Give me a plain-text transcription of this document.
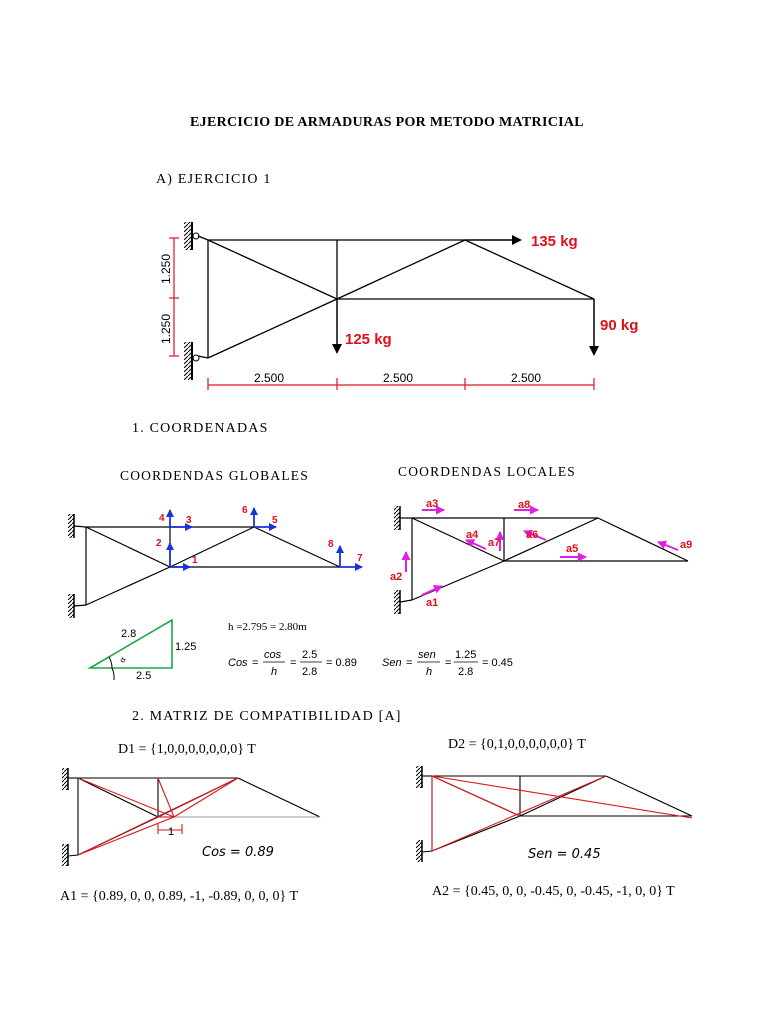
EJERCICIO DE ARMADURAS POR METODO MATRICIAL
A) EJERCICIO 1
135 kg
125 kg
90 kg
1.250
1.250
2.500	2.500	2.500
1. COORDENADAS
COORDENDAS GLOBALES	COORDENDAS LOCALES
1
2
3
4	5
6
7
8
a1
a2
a3
a4
a5
a6
a7
a8
a9
α
2.8
1.25
2.5
h =2.795 = 2.80m
Cos =
cos
h
=
2.5
2.8
= 0.89 Sen =
sen
h
=
1.25
2.8
= 0.45
2. MATRIZ DE COMPATIBILIDAD [A]
D1 = {1,0,0,0,0,0,0,0} T	D2 = {0,1,0,0,0,0,0,0} T
1
Cos = 0.89	Sen = 0.45
A1 = {0.89, 0, 0, 0.89, -1, -0.89, 0, 0, 0} T	A2 = {0.45, 0, 0, -0.45, 0, -0.45, -1, 0, 0} T
